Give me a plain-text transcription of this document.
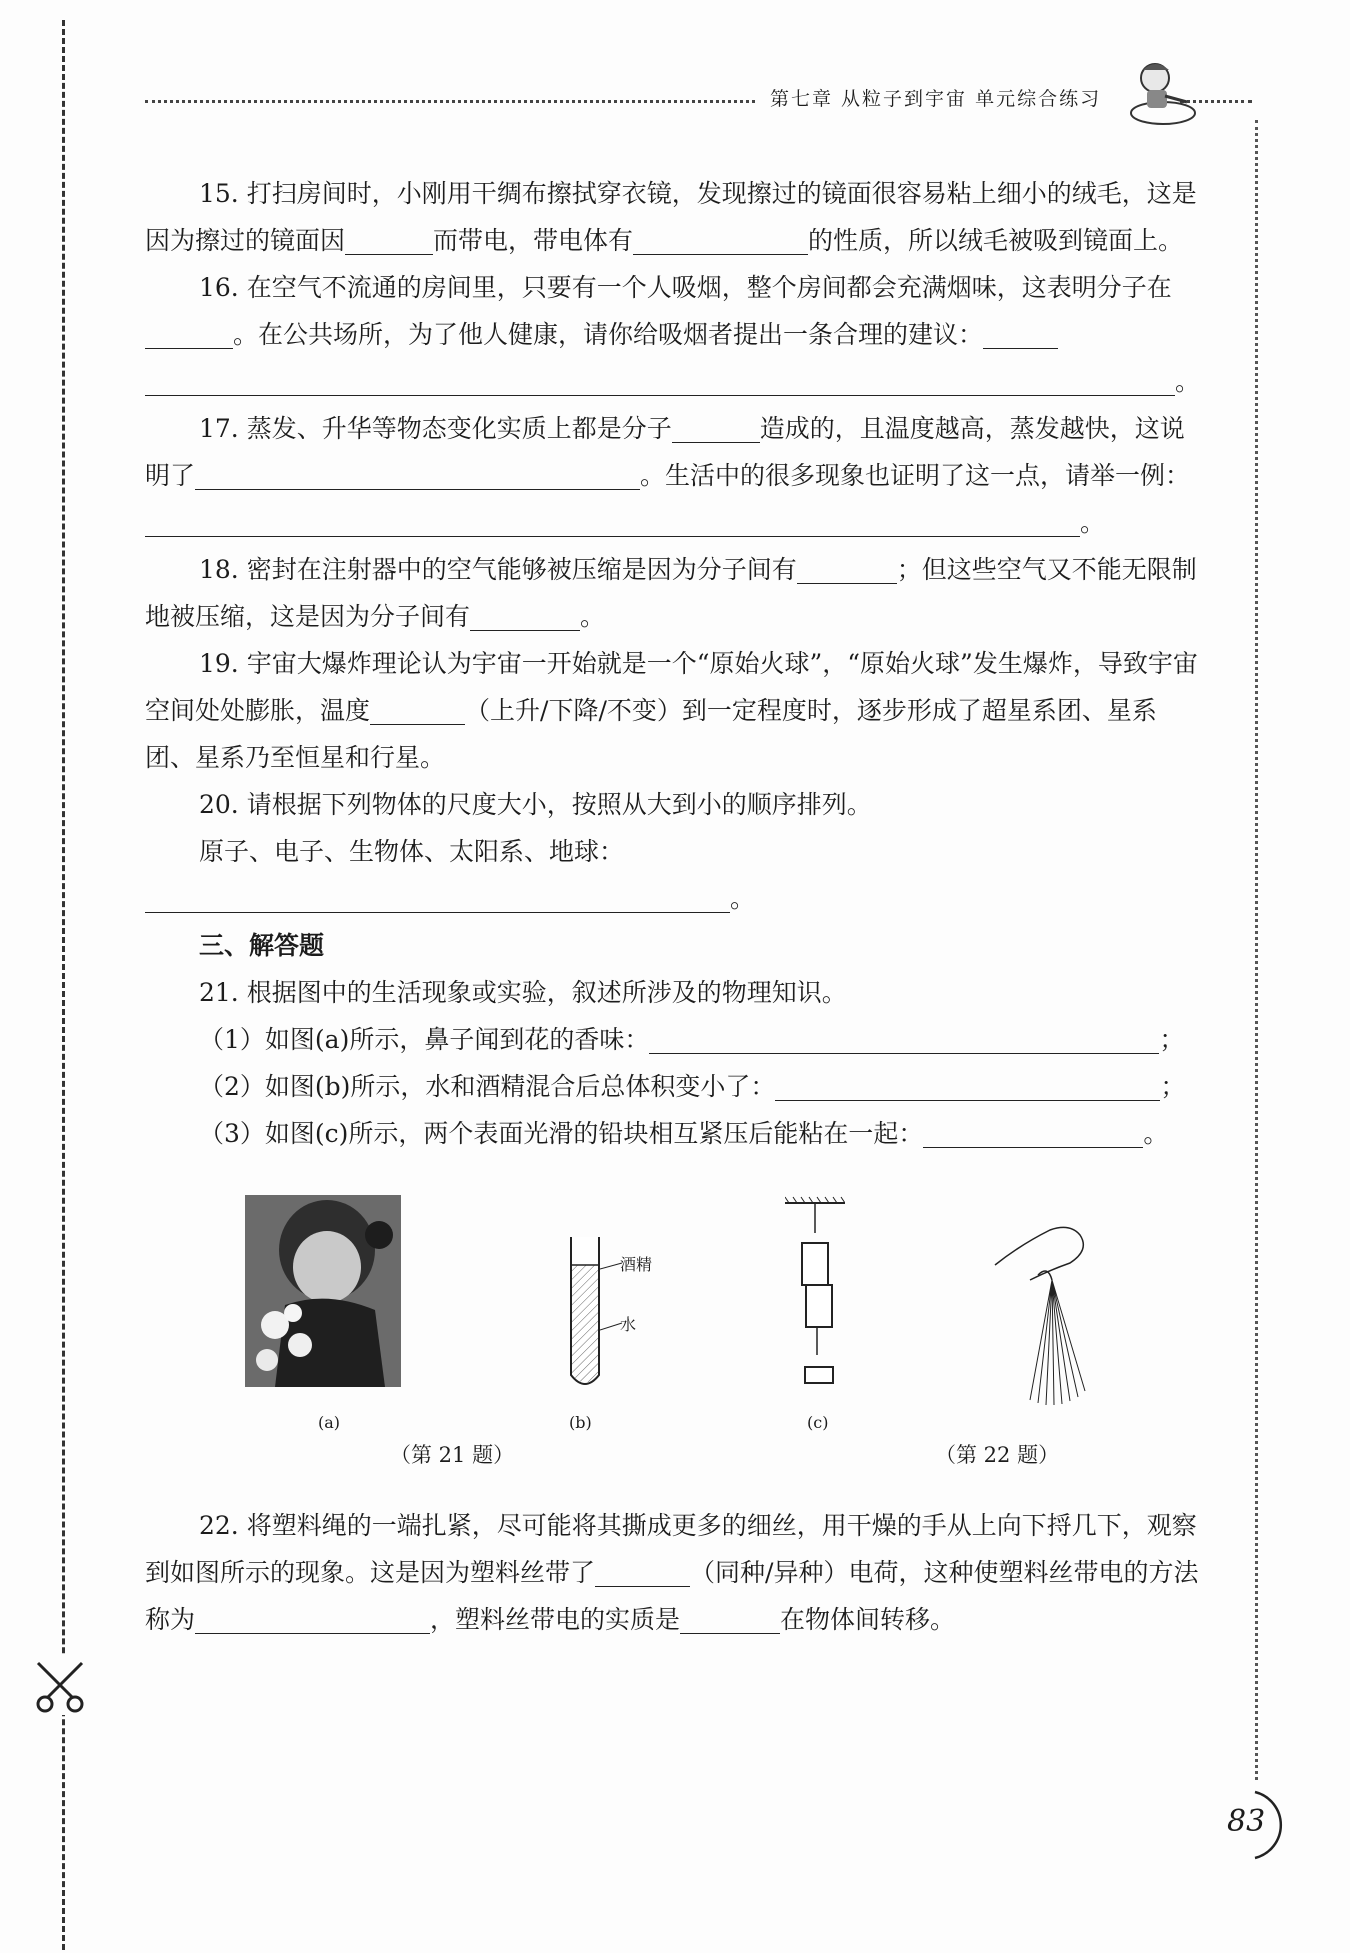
第七章 从粒子到宇宙 单元综合练习
83

15. 打扫房间时，小刚用干绸布擦拭穿衣镜，发现擦过的镜面很容易粘上细小的绒毛，这是因为擦过的镜面因	而带电，带电体有	的性质，所以绒毛被吸到镜面上。

16. 在空气不流通的房间里，只要有一个人吸烟，整个房间都会充满烟味，这表明分子在。在公共场所，为了他人健康，请你给吸烟者提出一条合理的建议：。

17. 蒸发、升华等物态变化实质上都是分子	造成的，且温度越高，蒸发越快，这说明了	。生活中的很多现象也证明了这一点，请举一例：。

18. 密封在注射器中的空气能够被压缩是因为分子间有	；但这些空气又不能无限制地被压缩，这是因为分子间有	。

19. 宇宙大爆炸理论认为宇宙一开始就是一个“原始火球”，“原始火球”发生爆炸，导致宇宙空间处处膨胀，温度	（上升/下降/不变）到一定程度时，逐步形成了超星系团、星系团、星系乃至恒星和行星。

20. 请根据下列物体的尺度大小，按照从大到小的顺序排列。

原子、电子、生物体、太阳系、地球：。

三、解答题

21. 根据图中的生活现象或实验，叙述所涉及的物理知识。

（1）如图(a)所示，鼻子闻到花的香味：	；

（2）如图(b)所示，水和酒精混合后总体积变小了：	；

（3）如图(c)所示，两个表面光滑的铅块相互紧压后能粘在一起：	。

(a)
酒精
水
(b)	(c)
（第 21 题）	（第 22 题）

22. 将塑料绳的一端扎紧，尽可能将其撕成更多的细丝，用干燥的手从上向下捋几下，观察到如图所示的现象。这是因为塑料丝带了	（同种/异种）电荷，这种使塑料丝带电的方法称为	，塑料丝带电的实质是	在物体间转移。
